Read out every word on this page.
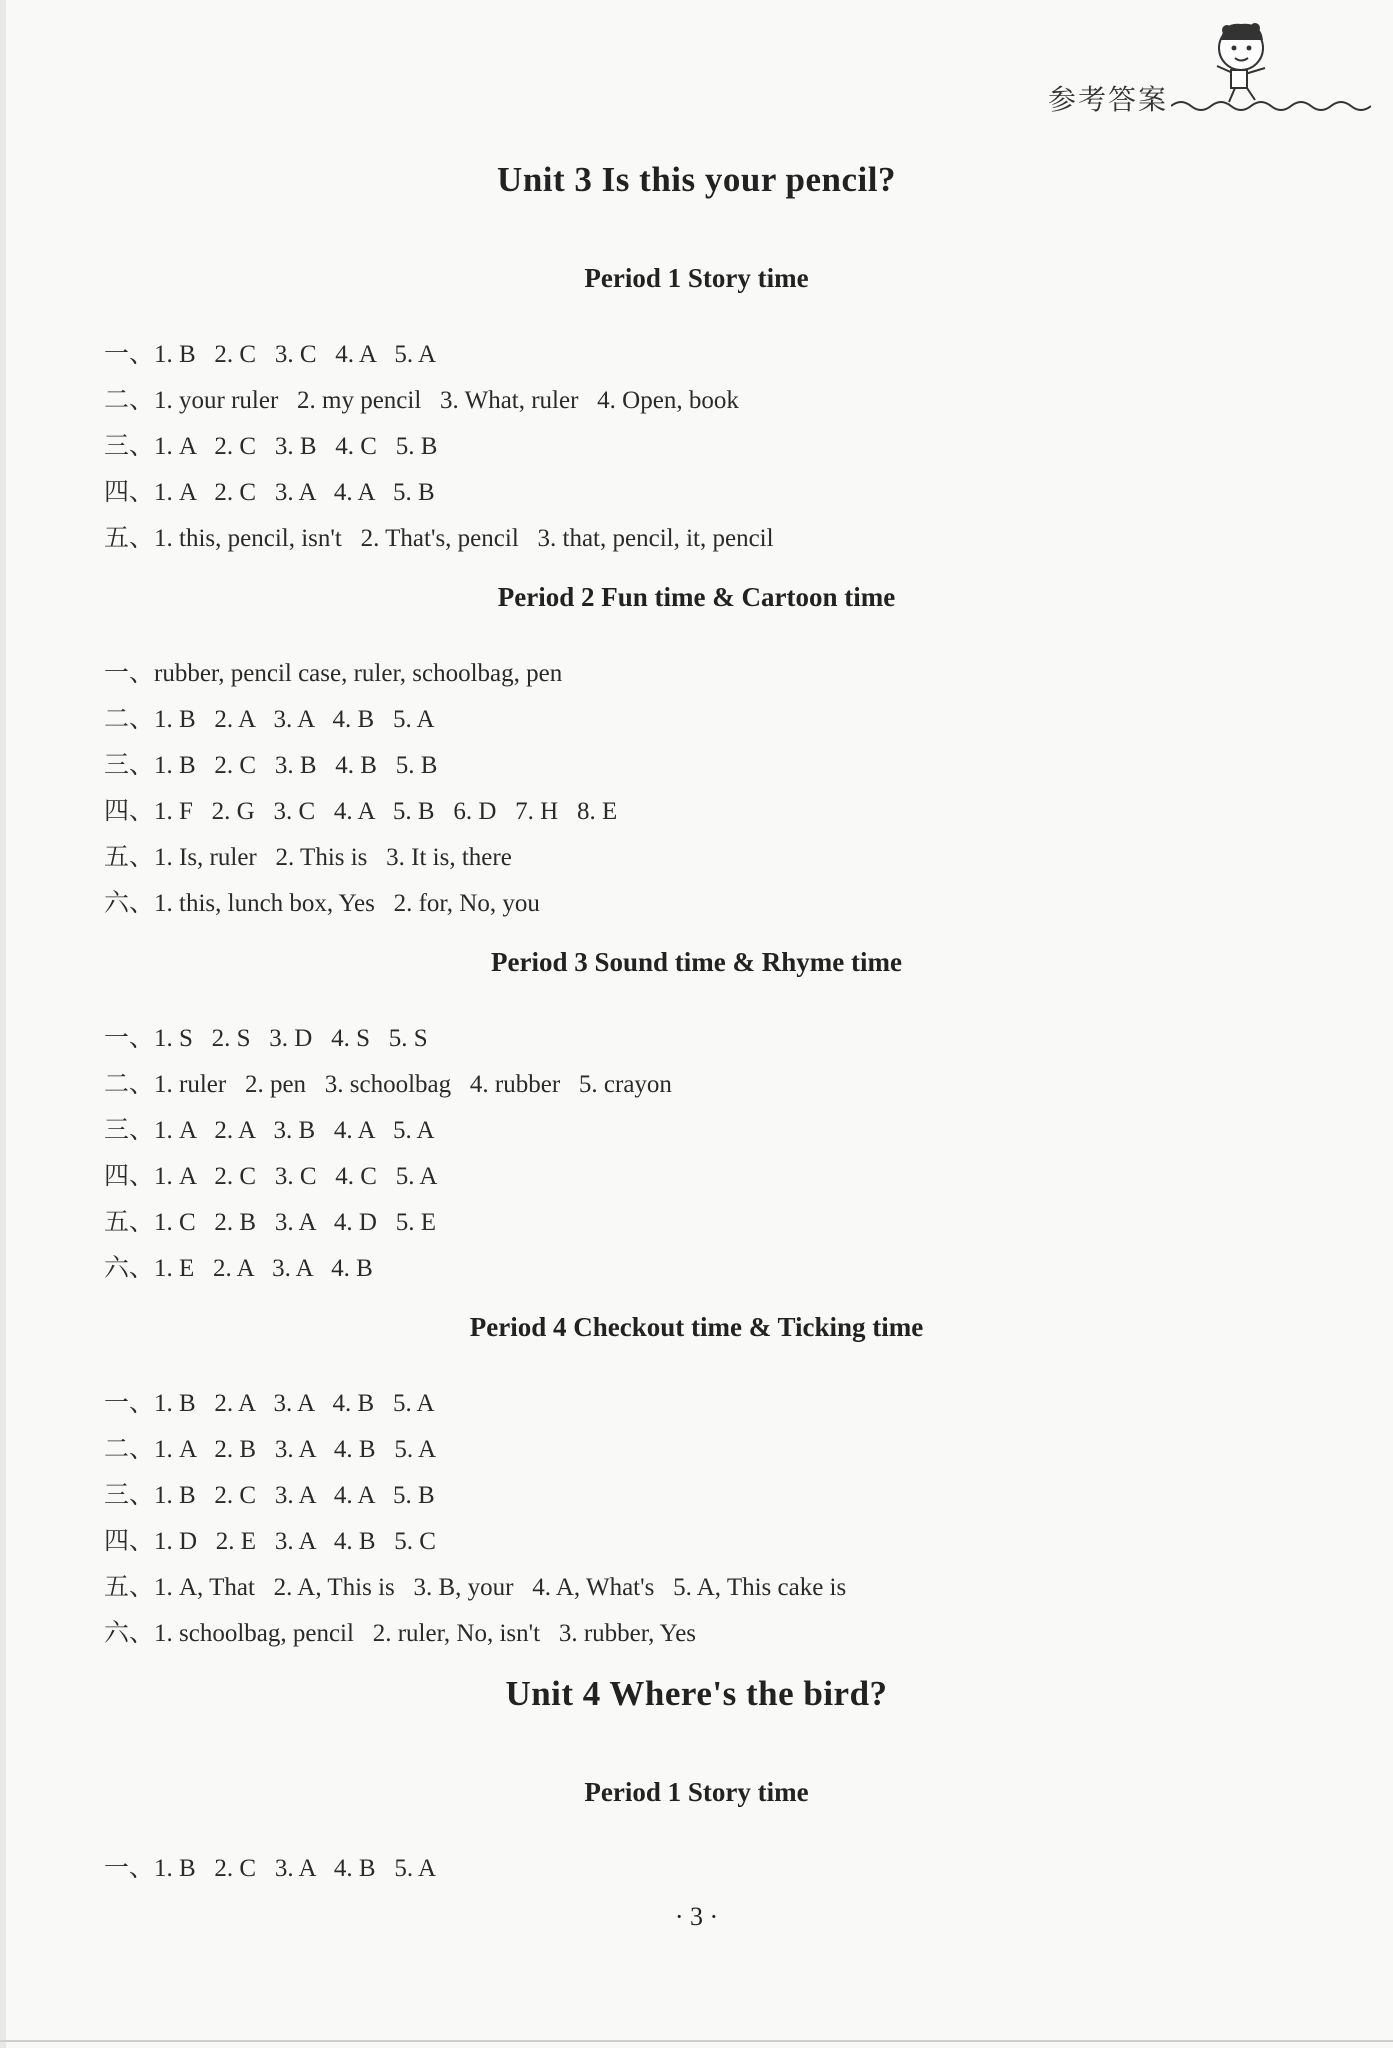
参考答案
Unit 3 Is this your pencil?
Period 1 Story time
一、1. B   2. C   3. C   4. A   5. A
二、1. your ruler   2. my pencil   3. What, ruler   4. Open, book
三、1. A   2. C   3. B   4. C   5. B
四、1. A   2. C   3. A   4. A   5. B
五、1. this, pencil, isn't   2. That's, pencil   3. that, pencil, it, pencil
Period 2 Fun time & Cartoon time
一、rubber, pencil case, ruler, schoolbag, pen
二、1. B   2. A   3. A   4. B   5. A
三、1. B   2. C   3. B   4. B   5. B
四、1. F   2. G   3. C   4. A   5. B   6. D   7. H   8. E
五、1. Is, ruler   2. This is   3. It is, there
六、1. this, lunch box, Yes   2. for, No, you
Period 3 Sound time & Rhyme time
一、1. S   2. S   3. D   4. S   5. S
二、1. ruler   2. pen   3. schoolbag   4. rubber   5. crayon
三、1. A   2. A   3. B   4. A   5. A
四、1. A   2. C   3. C   4. C   5. A
五、1. C   2. B   3. A   4. D   5. E
六、1. E   2. A   3. A   4. B
Period 4 Checkout time & Ticking time
一、1. B   2. A   3. A   4. B   5. A
二、1. A   2. B   3. A   4. B   5. A
三、1. B   2. C   3. A   4. A   5. B
四、1. D   2. E   3. A   4. B   5. C
五、1. A, That   2. A, This is   3. B, your   4. A, What's   5. A, This cake is
六、1. schoolbag, pencil   2. ruler, No, isn't   3. rubber, Yes
Unit 4 Where's the bird?
Period 1 Story time
一、1. B   2. C   3. A   4. B   5. A
· 3 ·
